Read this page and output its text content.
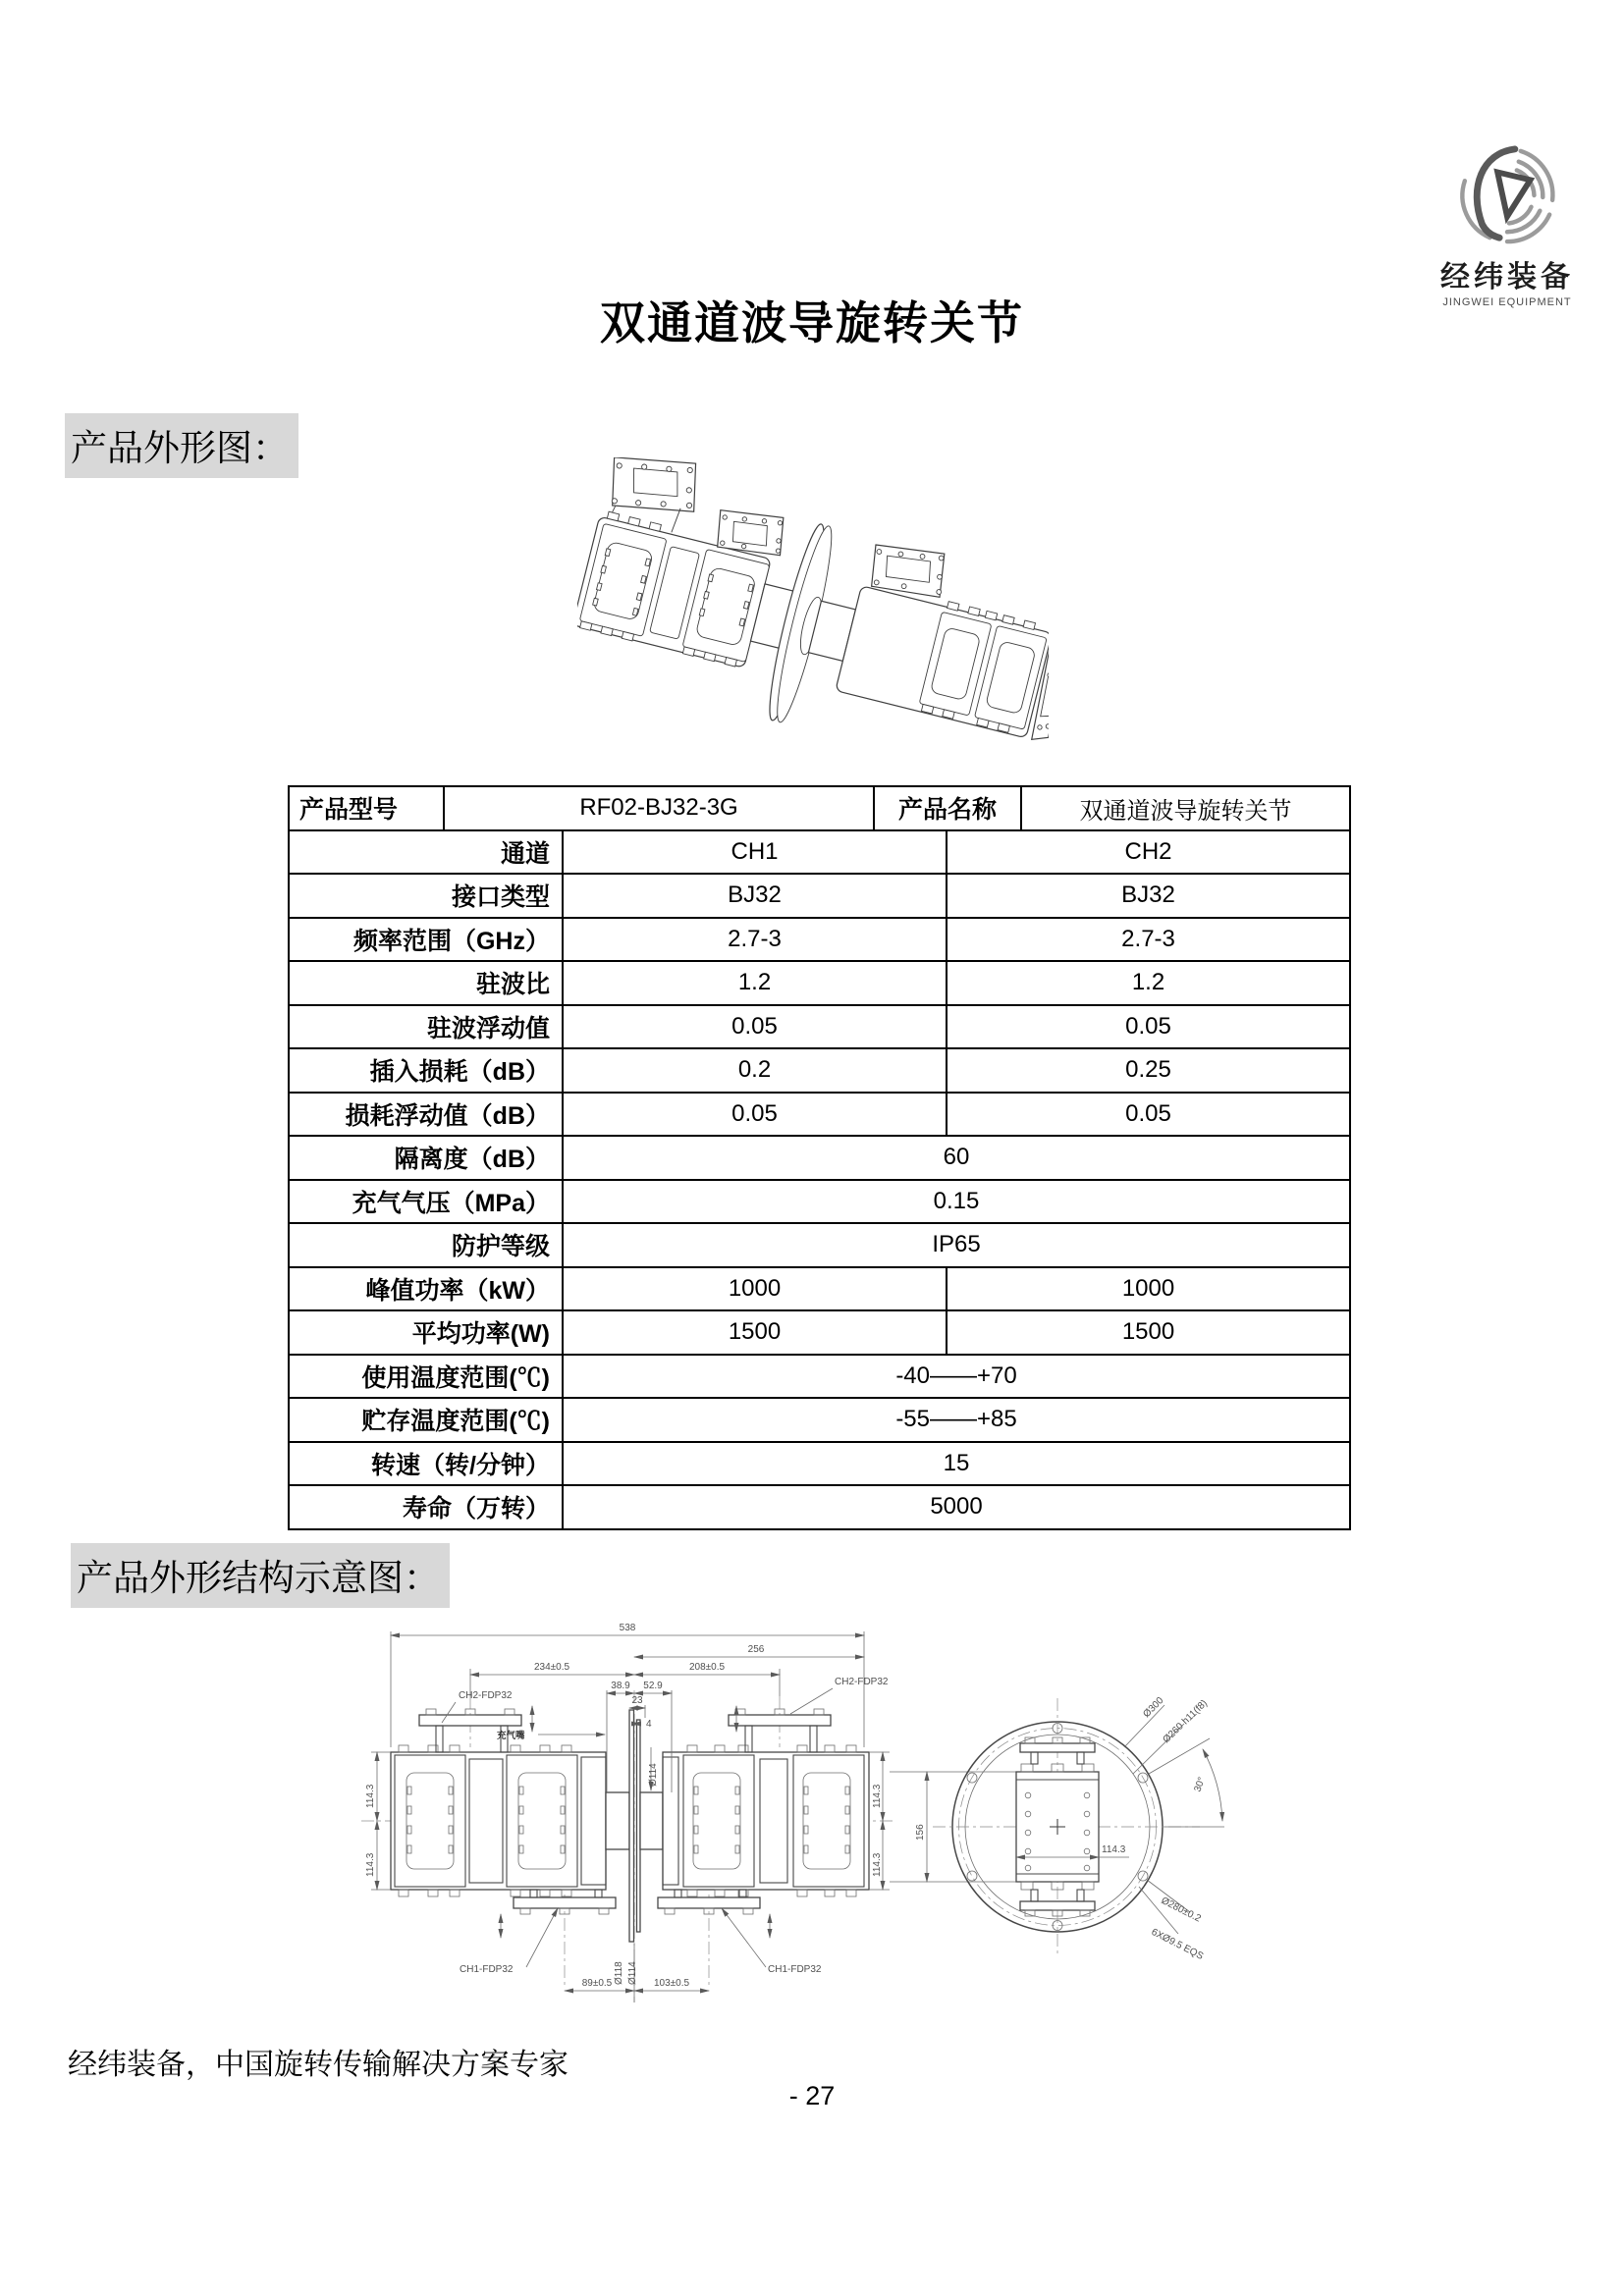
经纬装备
JINGWEI EQUIPMENT
双通道波导旋转关节
产品外形图：
产品型号	RF02-BJ32-3G		产品名称		双通道波导旋转关节
通道		CH1		CH2	
接口类型		BJ32		BJ32	
频率范围（GHz）		2.7-3		2.7-3	
驻波比		1.2		1.2	
驻波浮动值		0.05		0.05	
插入损耗（dB）		0.2		0.25	
损耗浮动值（dB）		0.05		0.05	
隔离度（dB）		60			
充气气压（MPa）		0.15			
防护等级		IP65			
峰值功率（kW）		1000		1000	
平均功率(W)		1500		1500	
使用温度范围(℃)		-40——+70			
贮存温度范围(℃)		-55——+85			
转速（转/分钟）		15			
寿命（万转）		5000			
产品外形结构示意图：
538
256
234±0.5	208±0.5
38.9 52.9
23
4
Ø114
114.3
114.3
114.3
114.3
89±0.5	103±0.5
Ø118 Ø114
CH2-FDP32
CH2-FDP32
CH1-FDP32	CH1-FDP32
充气嘴
114.3
156
Ø300
Ø260 h11(f8)
30°
Ø280±0.2
6XØ9.5 EQS
经纬装备，中国旋转传输解决方案专家
- 27
